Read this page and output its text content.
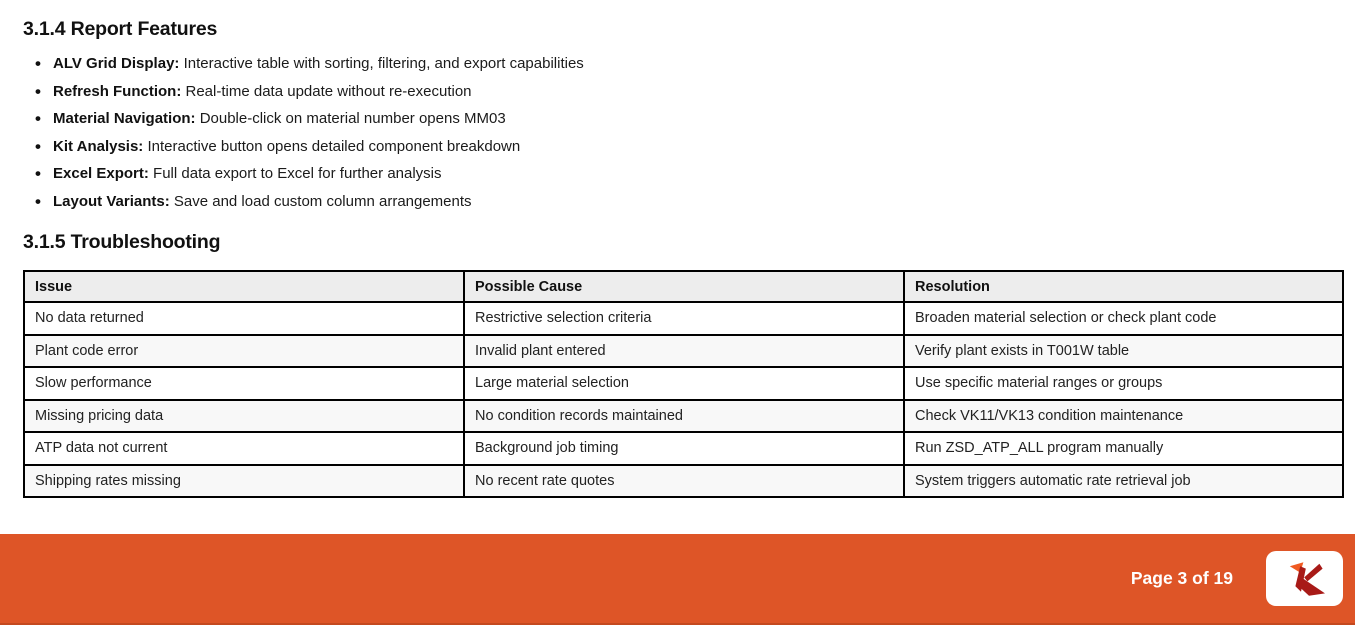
3.1.4 Report Features
• ALV Grid Display: Interactive table with sorting, filtering, and export capabilities
• Refresh Function: Real-time data update without re-execution
• Material Navigation: Double-click on material number opens MM03
• Kit Analysis: Interactive button opens detailed component breakdown
• Excel Export: Full data export to Excel for further analysis
• Layout Variants: Save and load custom column arrangements
3.1.5 Troubleshooting
Issue	Possible Cause	Resolution
No data returned	Restrictive selection criteria	Broaden material selection or check plant code
Plant code error	Invalid plant entered	Verify plant exists in T001W table
Slow performance	Large material selection	Use specific material ranges or groups
Missing pricing data	No condition records maintained	Check VK11/VK13 condition maintenance
ATP data not current	Background job timing	Run ZSD_ATP_ALL program manually
Shipping rates missing	No recent rate quotes	System triggers automatic rate retrieval job
Page 3 of 19
